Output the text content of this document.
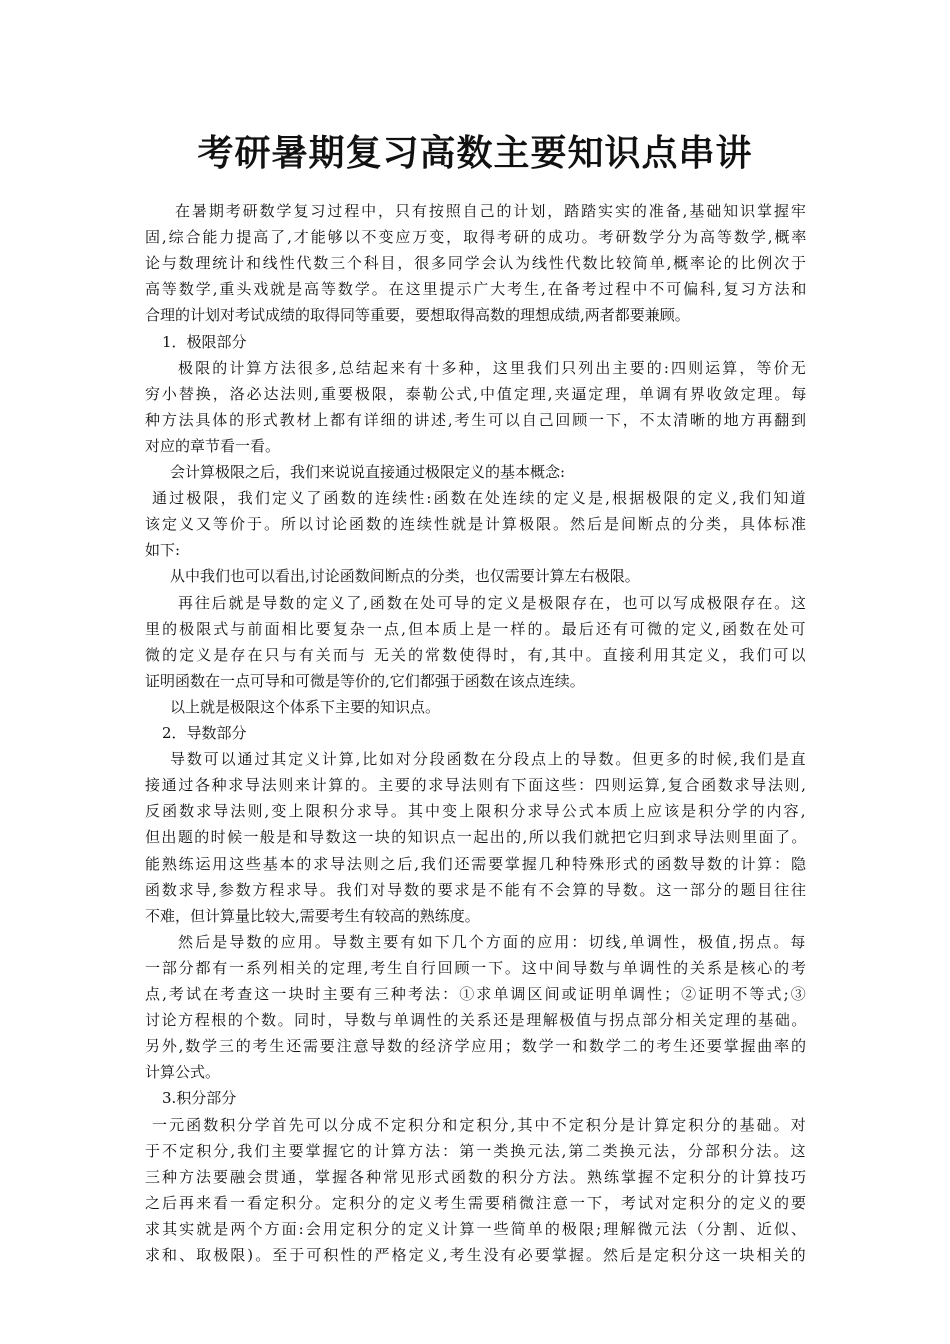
考研暑期复习高数主要知识点串讲
在暑期考研数学复习过程中，只有按照自己的计划，踏踏实实的准备,基础知识掌握牢
固,综合能力提高了,才能够以不变应万变，取得考研的成功。考研数学分为高等数学,概率
论与数理统计和线性代数三个科目，很多同学会认为线性代数比较简单,概率论的比例次于
高等数学,重头戏就是高等数学。在这里提示广大考生,在备考过程中不可偏科,复习方法和
合理的计划对考试成绩的取得同等重要，要想取得高数的理想成绩,两者都要兼顾。
1．极限部分
极限的计算方法很多,总结起来有十多种，这里我们只列出主要的:四则运算，等价无
穷小替换，洛必达法则,重要极限，泰勒公式,中值定理,夹逼定理，单调有界收敛定理。每
种方法具体的形式教材上都有详细的讲述,考生可以自己回顾一下，不太清晰的地方再翻到
对应的章节看一看。
会计算极限之后，我们来说说直接通过极限定义的基本概念:
通过极限，我们定义了函数的连续性:函数在处连续的定义是,根据极限的定义,我们知道
该定义又等价于。所以讨论函数的连续性就是计算极限。然后是间断点的分类，具体标准
如下:
从中我们也可以看出,讨论函数间断点的分类，也仅需要计算左右极限。
再往后就是导数的定义了,函数在处可导的定义是极限存在，也可以写成极限存在。这
里的极限式与前面相比要复杂一点,但本质上是一样的。最后还有可微的定义,函数在处可
微的定义是存在只与有关而与 无关的常数使得时，有,其中。直接利用其定义，我们可以
证明函数在一点可导和可微是等价的,它们都强于函数在该点连续。
以上就是极限这个体系下主要的知识点。
2．导数部分
导数可以通过其定义计算,比如对分段函数在分段点上的导数。但更多的时候,我们是直
接通过各种求导法则来计算的。主要的求导法则有下面这些：四则运算,复合函数求导法则,
反函数求导法则,变上限积分求导。其中变上限积分求导公式本质上应该是积分学的内容,
但出题的时候一般是和导数这一块的知识点一起出的,所以我们就把它归到求导法则里面了。
能熟练运用这些基本的求导法则之后,我们还需要掌握几种特殊形式的函数导数的计算：隐
函数求导,参数方程求导。我们对导数的要求是不能有不会算的导数。这一部分的题目往往
不难，但计算量比较大,需要考生有较高的熟练度。
然后是导数的应用。导数主要有如下几个方面的应用：切线,单调性，极值,拐点。每
一部分都有一系列相关的定理,考生自行回顾一下。这中间导数与单调性的关系是核心的考
点,考试在考查这一块时主要有三种考法：①求单调区间或证明单调性；②证明不等式;③
讨论方程根的个数。同时，导数与单调性的关系还是理解极值与拐点部分相关定理的基础。
另外,数学三的考生还需要注意导数的经济学应用；数学一和数学二的考生还要掌握曲率的
计算公式。
3.积分部分
一元函数积分学首先可以分成不定积分和定积分,其中不定积分是计算定积分的基础。对
于不定积分,我们主要掌握它的计算方法：第一类换元法,第二类换元法，分部积分法。这
三种方法要融会贯通，掌握各种常见形式函数的积分方法。熟练掌握不定积分的计算技巧
之后再来看一看定积分。定积分的定义考生需要稍微注意一下，考试对定积分的定义的要
求其实就是两个方面:会用定积分的定义计算一些简单的极限;理解微元法（分割、近似、
求和、取极限)。至于可积性的严格定义,考生没有必要掌握。然后是定积分这一块相关的
